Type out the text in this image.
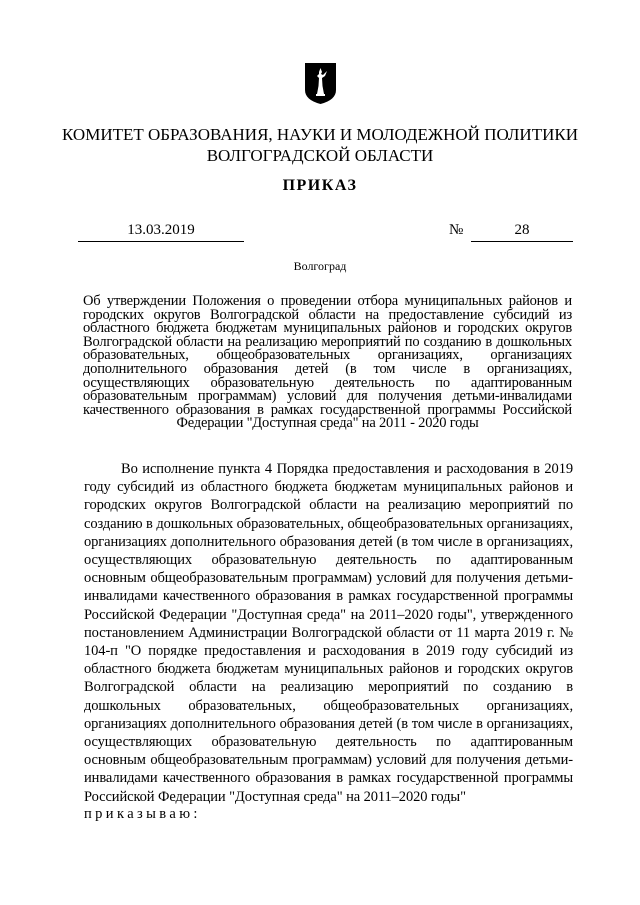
КОМИТЕТ ОБРАЗОВАНИЯ, НАУКИ И МОЛОДЕЖНОЙ ПОЛИТИКИ ВОЛГОГРАДСКОЙ ОБЛАСТИ
ПРИКАЗ
13.03.2019	№	28
Волгоград
Об утверждении Положения о проведении отбора муниципальных районов и городских округов Волгоградской области на предоставление субсидий из областного бюджета бюджетам муниципальных районов и городских округов Волгоградской области на реализацию мероприятий по созданию в дошкольных образовательных, общеобразовательных организациях, организациях дополнительного образования детей (в том числе в организациях, осуществляющих образовательную деятельность по адаптированным образовательным программам) условий для получения детьми-инвалидами качественного образования в рамках государственной программы Российской Федерации "Доступная среда" на 2011 - 2020 годы
Во исполнение пункта 4 Порядка предоставления и расходования в 2019 году субсидий из областного бюджета бюджетам муниципальных районов и городских округов Волгоградской области на реализацию мероприятий по созданию в дошкольных образовательных, общеобразовательных организациях, организациях дополнительного образования детей (в том числе в организациях, осуществляющих образовательную деятельность по адаптированным основным общеобразовательным программам) условий для получения детьми-инвалидами качественного образования в рамках государственной программы Российской Федерации "Доступная среда" на 2011–2020 годы", утвержденного постановлением Администрации Волгоградской области от 11 марта 2019 г. № 104-п "О порядке предоставления и расходования в 2019 году субсидий из областного бюджета бюджетам муниципальных районов и городских округов Волгоградской области на реализацию мероприятий по созданию в дошкольных образовательных, общеобразовательных организациях, организациях дополнительного образования детей (в том числе в организациях, осуществляющих образовательную деятельность по адаптированным основным общеобразовательным программам) условий для получения детьми-инвалидами качественного образования в рамках государственной программы Российской Федерации "Доступная среда" на 2011–2020 годы"
приказываю:
